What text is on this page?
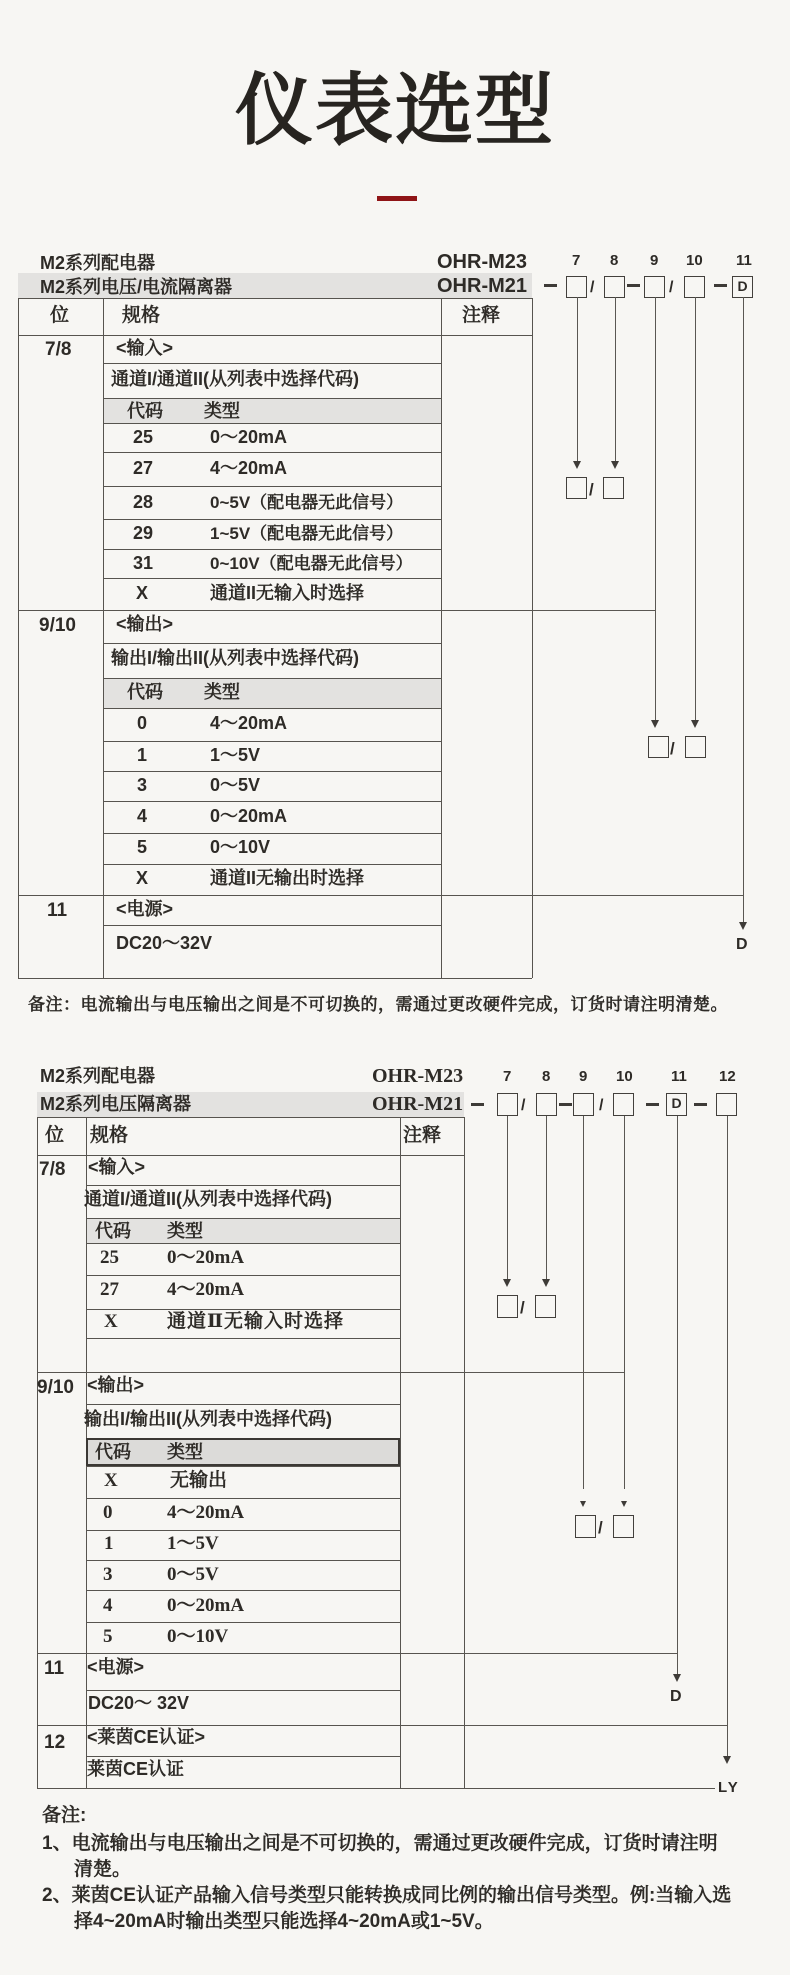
仪表选型
M2系列配电器	OHR-M23
M2系列电压/电流隔离器	OHR-M21
7 8 9 10 11
/	/	D
位	规格	注释
7/8 <输入>
通道I/通道II(从列表中选择代码)
代码 类型
25	0〜20mA
27	4〜20mA
28	0~5V（配电器无此信号）
29	1~5V（配电器无此信号）
31	0~10V（配电器无此信号）
X	通道II无输入时选择
9/10 <输出>
输出I/输出II(从列表中选择代码)
代码 类型
0	4〜20mA
1	1〜5V
3	0〜5V
4	0〜20mA
5	0〜10V
X	通道II无输出时选择
11	<电源>
DC20〜32V
/
/
D
备注：电流输出与电压输出之间是不可切换的，需通过更改硬件完成，订货时请注明清楚。
M2系列配电器	OHR-M23
M2系列电压隔离器	OHR-M21
7 8 9 10	11 12
/	/	D
位 规格	注释
7/8 <输入>
通道I/通道II(从列表中选择代码)
代码 类型
25	0～20mA
27	4～20mA
X	通道Ⅱ无输入时选择
9/10 <输出>
输出I/输出II(从列表中选择代码)
代码 类型
X	无输出
0	4～20mA
1	1～5V
3	0～5V
4	0～20mA
5	0～10V
11 <电源>
DC20～ 32V
12 <莱茵CE认证>
莱茵CE认证
/
/
D
LY
备注:
1、电流输出与电压输出之间是不可切换的，需通过更改硬件完成，订货时请注明清楚。
2、莱茵CE认证产品输入信号类型只能转换成同比例的输出信号类型。例:当输入选择4~20mA时输出类型只能选择4~20mA或1~5V。
